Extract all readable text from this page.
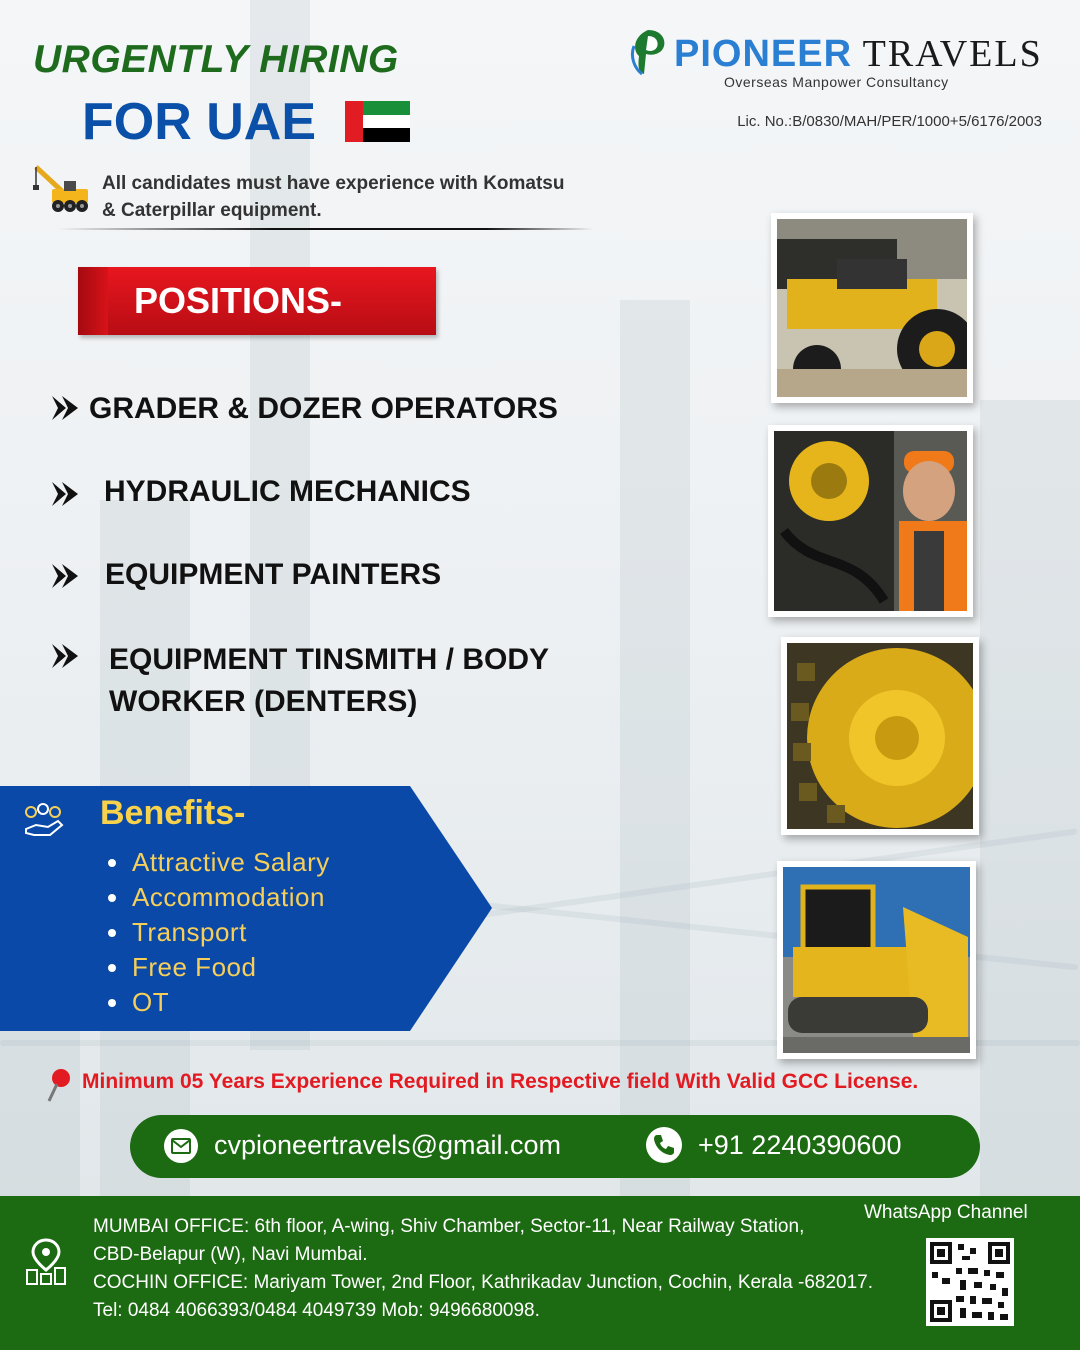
URGENTLY HIRING
FOR UAE
PIONEER TRAVELS
Overseas Manpower Consultancy
Lic. No.:B/0830/MAH/PER/1000+5/6176/2003
All candidates must have experience with Komatsu
& Caterpillar equipment.
POSITIONS-
GRADER & DOZER OPERATORS
HYDRAULIC MECHANICS
EQUIPMENT PAINTERS
EQUIPMENT TINSMITH / BODY
WORKER (DENTERS)
Benefits-
Attractive Salary
Accommodation
Transport
Free Food
OT
Minimum 05 Years Experience Required in Respective field With Valid GCC License.
cvpioneertravels@gmail.com	+91 2240390600
MUMBAI OFFICE: 6th floor, A-wing, Shiv Chamber, Sector-11, Near Railway Station,
CBD-Belapur (W), Navi Mumbai.
COCHIN OFFICE: Mariyam Tower, 2nd Floor, Kathrikadav Junction, Cochin, Kerala -682017.
Tel: 0484 4066393/0484 4049739 Mob: 9496680098.
WhatsApp Channel
